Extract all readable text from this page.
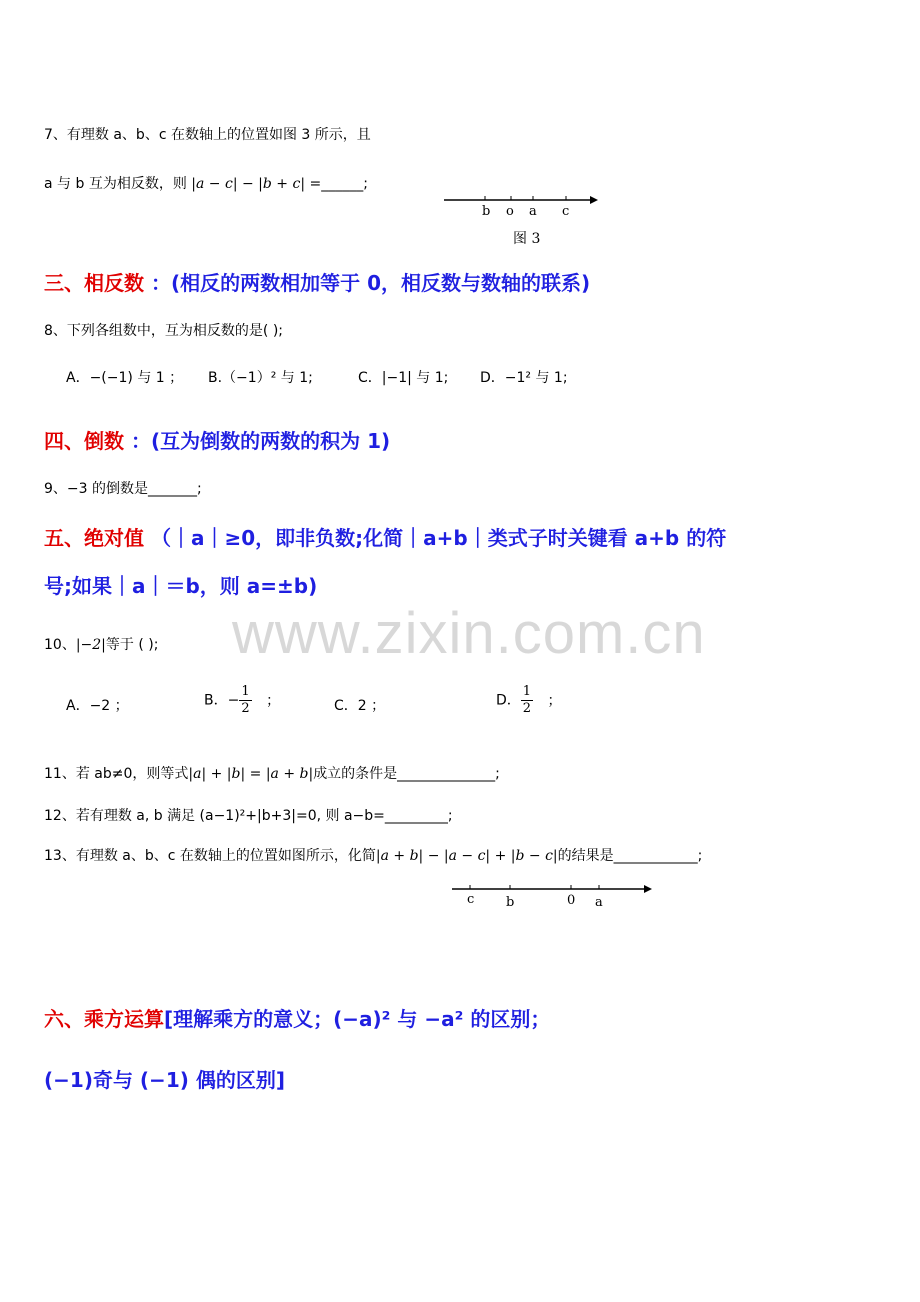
www.zixin.com.cn
7、有理数 a、b、c 在数轴上的位置如图 3 所示，且
a 与 b 互为相反数，则 |a − c| − |b + c| =______;
b o a c
图 3
三、相反数 ：(相反的两数相加等于 0，相反数与数轴的联系)
8、下列各组数中，互为相反数的是( );
A．−(−1) 与 1 ； B.（−1）² 与 1;	C．|−1| 与 1; D．−1² 与 1;
四、倒数 ：(互为倒数的两数的积为 1)
9、−3 的倒数是_______;
五、绝对值 （｜a｜≥0，即非负数;化简｜a+b｜类式子时关键看 a+b 的符
号;如果｜a｜＝b，则 a=±b)
10、|−2|等于 ( );
A．−2 ；	B．− $\frac{1}{2}$ ；	C．2 ；	D． $\frac{1}{2}$ ；
11、若 ab≠0，则等式|a| + |b| = |a + b|成立的条件是______________;
12、若有理数 a, b 满足 (a−1)²+|b+3|=0, 则 a−b=_________;
13、有理数 a、b、c 在数轴上的位置如图所示，化简|a + b| − |a − c| + |b − c|的结果是____________;
c b	0 a
六、乘方运算[理解乘方的意义；(−a)² 与 −a² 的区别；
(−1)奇与 (−1) 偶的区别]
